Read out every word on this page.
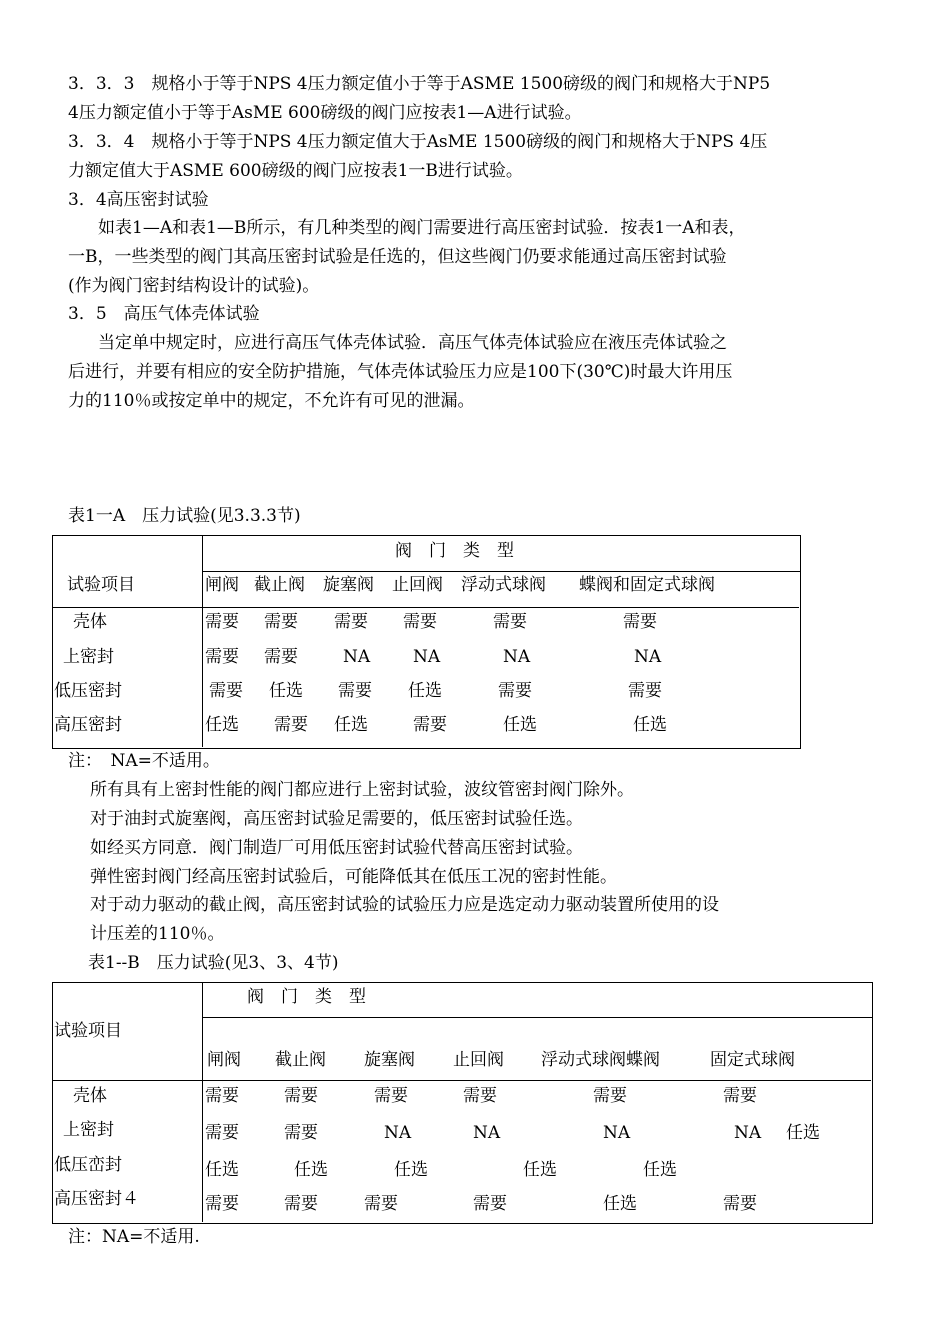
3．3．3　规格小于等于NPS 4压力额定值小于等于ASME 1500磅级的阀门和规格大于NP5
4压力额定值小于等于AsME 600磅级的阀门应按表1—A进行试验。
3．3．4　规格小于等于NPS 4压力额定值大于AsME 1500磅级的阀门和规格大于NPS 4压
力额定值大于ASME 600磅级的阀门应按表1一B进行试验。
3．4高压密封试验
如表1—A和表1—B所示，有几种类型的阀门需要进行高压密封试验．按表1一A和表，
一B，一些类型的阀门其高压密封试验是任选的，但这些阀门仍要求能通过高压密封试验
(作为阀门密封结构设计的试验)。
3．5　高压气体壳体试验
当定单中规定时，应进行高压气体壳体试验．高压气体壳体试验应在液压壳体试验之
后进行，并要有相应的安全防护措施，气体壳体试验压力应是100下(30℃)时最大许用压
力的110％或按定单中的规定，不允许有可见的泄漏。
表1一A　压力试验(见3.3.3节)
试验项目
阀　门　类　型
闸阀 截止阀 旋塞阀 止回阀 浮动式球阀 蝶阀和固定式球阀
壳体	需要 需要 需要 需要	需要	需要
上密封	需要 需要	NA	NA	NA	NA
低压密封	需要 任选 需要 任选	需要	需要
高压密封	任选 需要 任选	需要	任选	任选
注：　NA=不适用。
所有具有上密封性能的阀门都应进行上密封试验，波纹管密封阀门除外。
对于油封式旋塞阀，高压密封试验足需要的，低压密封试验任选。
如经买方同意．阀门制造厂可用低压密封试验代替高压密封试验。
弹性密封阀门经高压密封试验后，可能降低其在低压工况的密封性能。
对于动力驱动的截止阀，高压密封试验的试验压力应是选定动力驱动装置所使用的设
计压差的110％。
表1--B　压力试验(见3、3、4节)
试验项目
阀　门　类　型
闸阀 截止阀 旋塞阀 止回阀 浮动式球阀蝶阀	固定式球阀
壳体	需要	需要	需要	需要	需要	需要
上密封	需要	需要	NA	NA	NA	NA 任选
低压峦封	任选	任选	任选	任选	任选
高压密封４	需要	需要	需要	需要	任选	需要
注：NA=不适用.
